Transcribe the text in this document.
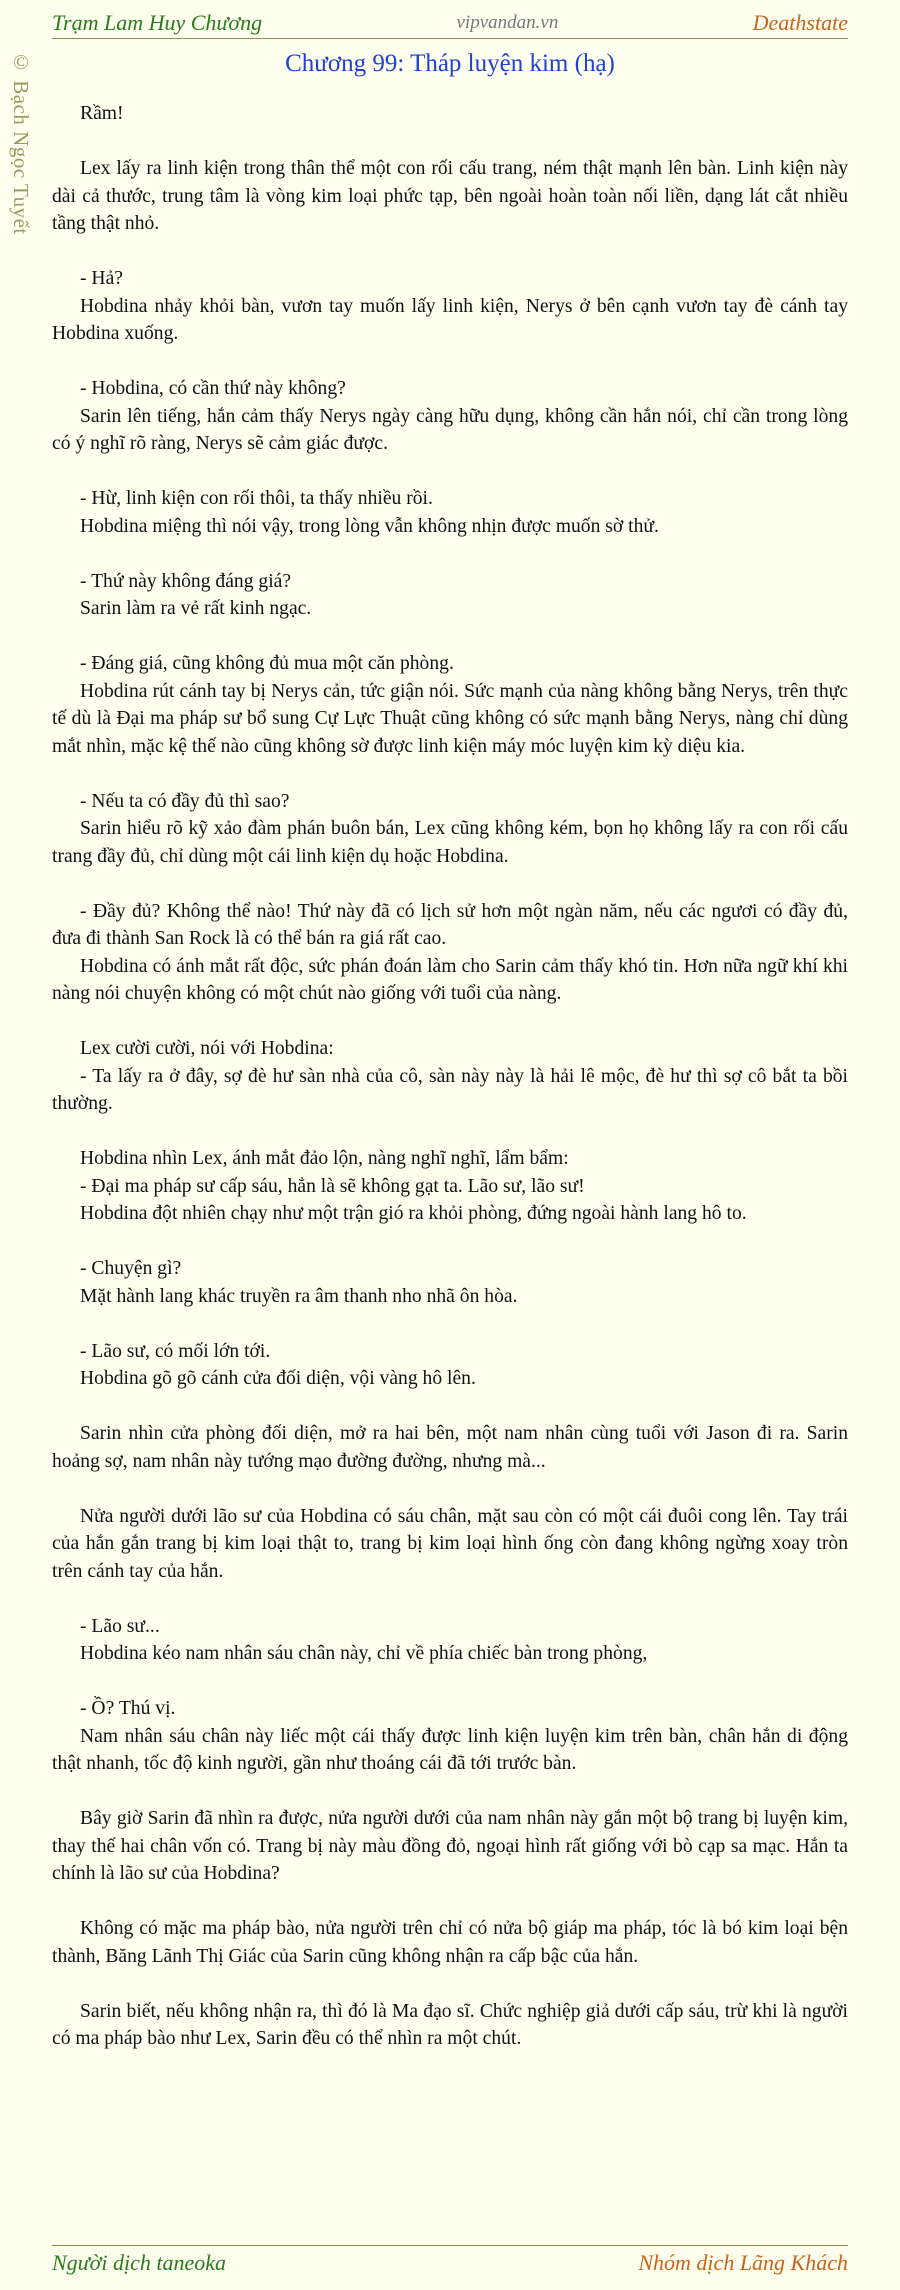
Trạm Lam Huy Chương	vipvandan.vn	Deathstate
© Bạch Ngọc Tuyết	Chương 99: Tháp luyện kim (hạ)

Rầm!

Lex lấy ra linh kiện trong thân thể một con rối cấu trang, ném thật mạnh lên bàn. Linh kiện này dài cả thước, trung tâm là vòng kim loại phức tạp, bên ngoài hoàn toàn nối liền, dạng lát cắt nhiều tầng thật nhỏ.

- Hả?
Hobdina nhảy khỏi bàn, vươn tay muốn lấy linh kiện, Nerys ở bên cạnh vươn tay đè cánh tay Hobdina xuống.

- Hobdina, có cần thứ này không?
Sarin lên tiếng, hắn cảm thấy Nerys ngày càng hữu dụng, không cần hắn nói, chỉ cần trong lòng có ý nghĩ rõ ràng, Nerys sẽ cảm giác được.

- Hừ, linh kiện con rối thôi, ta thấy nhiều rồi.
Hobdina miệng thì nói vậy, trong lòng vẫn không nhịn được muốn sờ thử.

- Thứ này không đáng giá?
Sarin làm ra vẻ rất kinh ngạc.

- Đáng giá, cũng không đủ mua một căn phòng.
Hobdina rút cánh tay bị Nerys cản, tức giận nói. Sức mạnh của nàng không bằng Nerys, trên thực tế dù là Đại ma pháp sư bổ sung Cự Lực Thuật cũng không có sức mạnh bằng Nerys, nàng chỉ dùng mắt nhìn, mặc kệ thế nào cũng không sờ được linh kiện máy móc luyện kim kỳ diệu kia.

- Nếu ta có đầy đủ thì sao?
Sarin hiểu rõ kỹ xảo đàm phán buôn bán, Lex cũng không kém, bọn họ không lấy ra con rối cấu trang đầy đủ, chỉ dùng một cái linh kiện dụ hoặc Hobdina.

- Đầy đủ? Không thể nào! Thứ này đã có lịch sử hơn một ngàn năm, nếu các ngươi có đầy đủ, đưa đi thành San Rock là có thể bán ra giá rất cao.
Hobdina có ánh mắt rất độc, sức phán đoán làm cho Sarin cảm thấy khó tin. Hơn nữa ngữ khí khi nàng nói chuyện không có một chút nào giống với tuổi của nàng.

Lex cười cười, nói với Hobdina:
- Ta lấy ra ở đây, sợ đè hư sàn nhà của cô, sàn này này là hải lê mộc, đè hư thì sợ cô bắt ta bồi thường.

Hobdina nhìn Lex, ánh mắt đảo lộn, nàng nghĩ nghĩ, lẩm bẩm:
- Đại ma pháp sư cấp sáu, hẳn là sẽ không gạt ta. Lão sư, lão sư!
Hobdina đột nhiên chạy như một trận gió ra khỏi phòng, đứng ngoài hành lang hô to.

- Chuyện gì?
Mặt hành lang khác truyền ra âm thanh nho nhã ôn hòa.

- Lão sư, có mối lớn tới.
Hobdina gõ gõ cánh cửa đối diện, vội vàng hô lên.

Sarin nhìn cửa phòng đối diện, mở ra hai bên, một nam nhân cùng tuổi với Jason đi ra. Sarin hoảng sợ, nam nhân này tướng mạo đường đường, nhưng mà...

Nửa người dưới lão sư của Hobdina có sáu chân, mặt sau còn có một cái đuôi cong lên. Tay trái của hắn gắn trang bị kim loại thật to, trang bị kim loại hình ống còn đang không ngừng xoay tròn trên cánh tay của hắn.

- Lão sư...
Hobdina kéo nam nhân sáu chân này, chỉ về phía chiếc bàn trong phòng,

- Ồ? Thú vị.
Nam nhân sáu chân này liếc một cái thấy được linh kiện luyện kim trên bàn, chân hắn di động thật nhanh, tốc độ kinh người, gần như thoáng cái đã tới trước bàn.

Bây giờ Sarin đã nhìn ra được, nửa người dưới của nam nhân này gắn một bộ trang bị luyện kim, thay thế hai chân vốn có. Trang bị này màu đồng đỏ, ngoại hình rất giống với bò cạp sa mạc. Hắn ta chính là lão sư của Hobdina?

Không có mặc ma pháp bào, nửa người trên chỉ có nửa bộ giáp ma pháp, tóc là bó kim loại bện thành, Băng Lãnh Thị Giác của Sarin cũng không nhận ra cấp bậc của hắn.

Sarin biết, nếu không nhận ra, thì đó là Ma đạo sĩ. Chức nghiệp giả dưới cấp sáu, trừ khi là người có ma pháp bào như Lex, Sarin đều có thể nhìn ra một chút.

Người dịch taneoka	Nhóm dịch Lãng Khách
